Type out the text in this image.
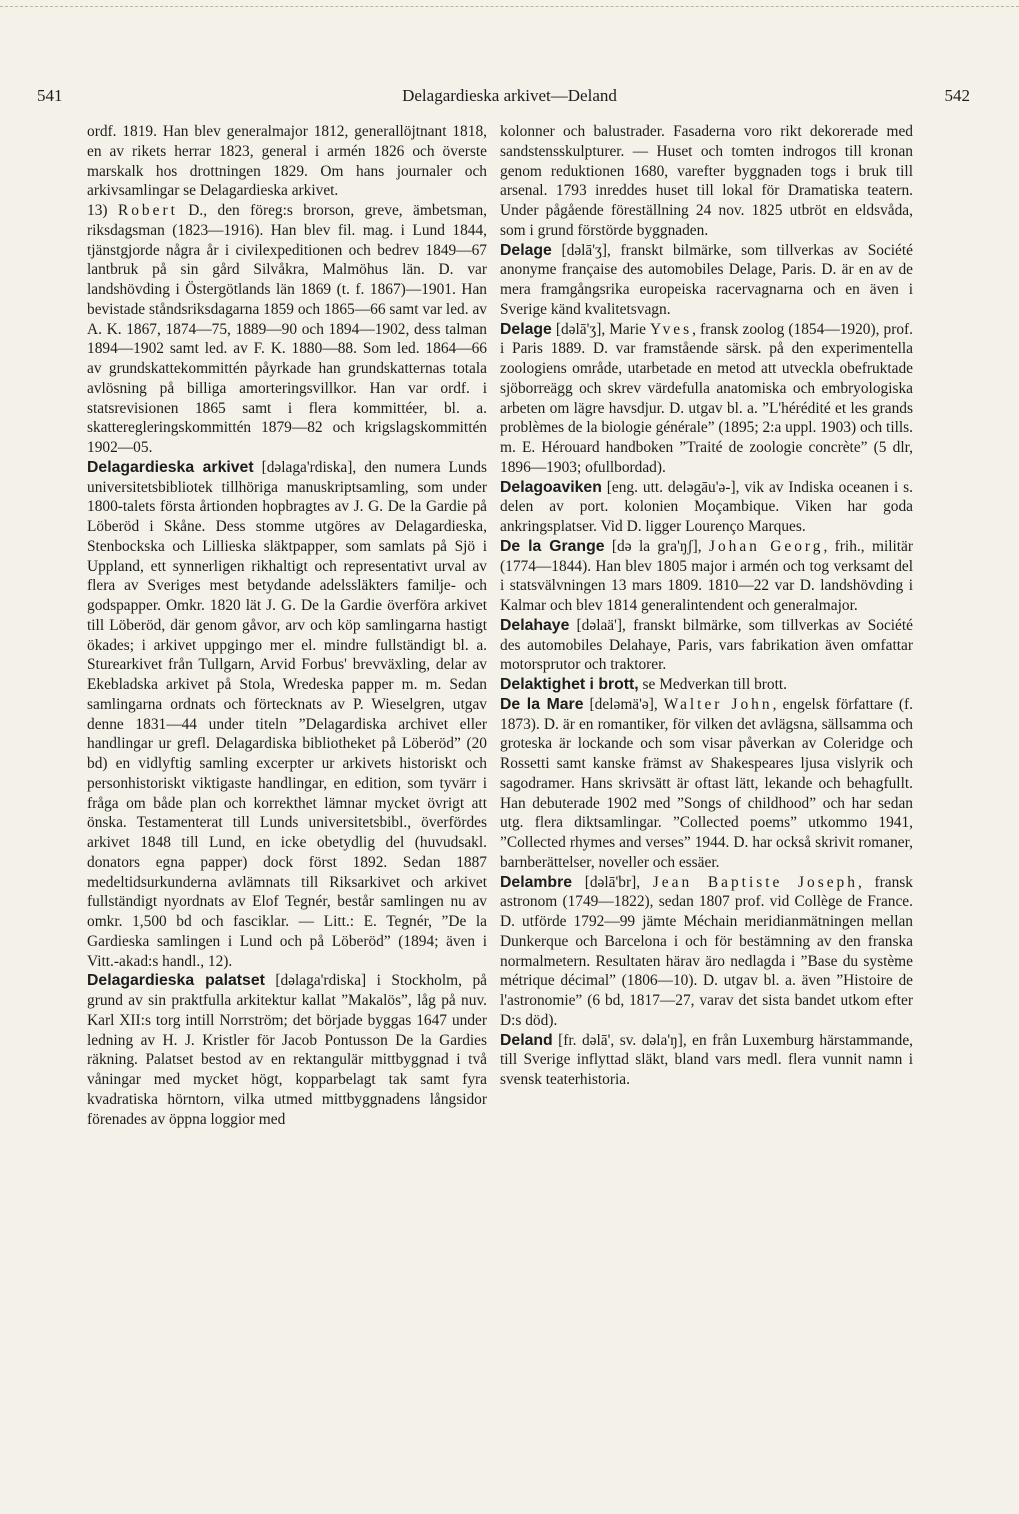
541	Delagardieska arkivet—Deland	542

ordf. 1819. Han blev generalmajor 1812, generallöjtnant 1818, en av rikets herrar 1823, general i armén 1826 och överste marskalk hos drottningen 1829. Om hans journaler och arkivsamlingar se Delagardieska arkivet.

13) Robert D., den föreg:s brorson, greve, ämbetsman, riksdagsman (1823—1916). Han blev fil. mag. i Lund 1844, tjänstgjorde några år i civilexpeditionen och bedrev 1849—67 lantbruk på sin gård Silvåkra, Malmöhus län. D. var landshövding i Östergötlands län 1869 (t. f. 1867)—1901. Han bevistade ståndsriksdagarna 1859 och 1865—66 samt var led. av A. K. 1867, 1874—75, 1889—90 och 1894—1902, dess talman 1894—1902 samt led. av F. K. 1880—88. Som led. 1864—66 av grundskattekommittén påyrkade han grundskatternas totala avlösning på billiga amorteringsvillkor. Han var ordf. i statsrevisionen 1865 samt i flera kommittéer, bl. a. skatteregleringskommittén 1879—82 och krigslagskommittén 1902—05.

Delagardieska arkivet [dəlaga'rdiska], den numera Lunds universitetsbibliotek tillhöriga manuskriptsamling, som under 1800-talets första årtionden hopbragtes av J. G. De la Gardie på Löberöd i Skåne. Dess stomme utgöres av Delagardieska, Stenbockska och Lillieska släktpapper, som samlats på Sjö i Uppland, ett synnerligen rikhaltigt och representativt urval av flera av Sveriges mest betydande adelssläkters familje- och godspapper. Omkr. 1820 lät J. G. De la Gardie överföra arkivet till Löberöd, där genom gåvor, arv och köp samlingarna hastigt ökades; i arkivet uppgingo mer el. mindre fullständigt bl. a. Sturearkivet från Tullgarn, Arvid Forbus' brevväxling, delar av Ekebladska arkivet på Stola, Wredeska papper m. m. Sedan samlingarna ordnats och förtecknats av P. Wieselgren, utgav denne 1831—44 under titeln ”Delagardiska archivet eller handlingar ur grefl. Delagardiska bibliotheket på Löberöd” (20 bd) en vidlyftig samling excerpter ur arkivets historiskt och personhistoriskt viktigaste handlingar, en edition, som tyvärr i fråga om både plan och korrekthet lämnar mycket övrigt att önska. Testamenterat till Lunds universitetsbibl., överfördes arkivet 1848 till Lund, en icke obetydlig del (huvudsakl. donators egna papper) dock först 1892. Sedan 1887 medeltidsurkunderna avlämnats till Riksarkivet och arkivet fullständigt nyordnats av Elof Tegnér, består samlingen nu av omkr. 1,500 bd och fasciklar. — Litt.: E. Tegnér, ”De la Gardieska samlingen i Lund och på Löberöd” (1894; även i Vitt.-akad:s handl., 12).

Delagardieska palatset [dəlaga'rdiska] i Stockholm, på grund av sin praktfulla arkitektur kallat ”Makalös”, låg på nuv. Karl XII:s torg intill Norrström; det började byggas 1647 under ledning av H. J. Kristler för Jacob Pontusson De la Gardies räkning. Palatset bestod av en rektangulär mittbyggnad i två våningar med mycket högt, kopparbelagt tak samt fyra kvadratiska hörntorn, vilka utmed mittbyggnadens långsidor förenades av öppna loggior med

kolonner och balustrader. Fasaderna voro rikt dekorerade med sandstensskulpturer. — Huset och tomten indrogos till kronan genom reduktionen 1680, varefter byggnaden togs i bruk till arsenal. 1793 inreddes huset till lokal för Dramatiska teatern. Under pågående föreställning 24 nov. 1825 utbröt en eldsvåda, som i grund förstörde byggnaden.

Delage [dəlā'ʒ], franskt bilmärke, som tillverkas av Société anonyme française des automobiles Delage, Paris. D. är en av de mera framgångsrika europeiska racervagnarna och en även i Sverige känd kvalitetsvagn.

Delage [dəlā'ʒ], Marie Yves, fransk zoolog (1854—1920), prof. i Paris 1889. D. var framstående särsk. på den experimentella zoologiens område, utarbetade en metod att utveckla obefruktade sjöborreägg och skrev värdefulla anatomiska och embryologiska arbeten om lägre havsdjur. D. utgav bl. a. ”L'hérédité et les grands problèmes de la biologie générale” (1895; 2:a uppl. 1903) och tills. m. E. Hérouard handboken ”Traité de zoologie concrète” (5 dlr, 1896—1903; ofullbordad).

Delagoaviken [eng. utt. deləgāu'ə-], vik av Indiska oceanen i s. delen av port. kolonien Moçambique. Viken har goda ankringsplatser. Vid D. ligger Lourenço Marques.

De la Grange [də la gra'ŋʃ], Johan Georg, frih., militär (1774—1844). Han blev 1805 major i armén och tog verksamt del i statsvälvningen 13 mars 1809. 1810—22 var D. landshövding i Kalmar och blev 1814 generalintendent och generalmajor.

Delahaye [dəlaä'], franskt bilmärke, som tillverkas av Société des automobiles Delahaye, Paris, vars fabrikation även omfattar motorsprutor och traktorer.

Delaktighet i brott, se Medverkan till brott.

De la Mare [deləmä'ə], Walter John, engelsk författare (f. 1873). D. är en romantiker, för vilken det avlägsna, sällsamma och groteska är lockande och som visar påverkan av Coleridge och Rossetti samt kanske främst av Shakespeares ljusa vislyrik och sagodramer. Hans skrivsätt är oftast lätt, lekande och behagfullt. Han debuterade 1902 med ”Songs of childhood” och har sedan utg. flera diktsamlingar. ”Collected poems” utkommo 1941, ”Collected rhymes and verses” 1944. D. har också skrivit romaner, barnberättelser, noveller och essäer.

Delambre [dəlā'br], Jean Baptiste Joseph, fransk astronom (1749—1822), sedan 1807 prof. vid Collège de France. D. utförde 1792—99 jämte Méchain meridianmätningen mellan Dunkerque och Barcelona i och för bestämning av den franska normalmetern. Resultaten härav äro nedlagda i ”Base du système métrique décimal” (1806—10). D. utgav bl. a. även ”Histoire de l'astronomie” (6 bd, 1817—27, varav det sista bandet utkom efter D:s död).

Deland [fr. dəlā', sv. dəla'ŋ], en från Luxemburg härstammande, till Sverige inflyttad släkt, bland vars medl. flera vunnit namn i svensk teaterhistoria.
